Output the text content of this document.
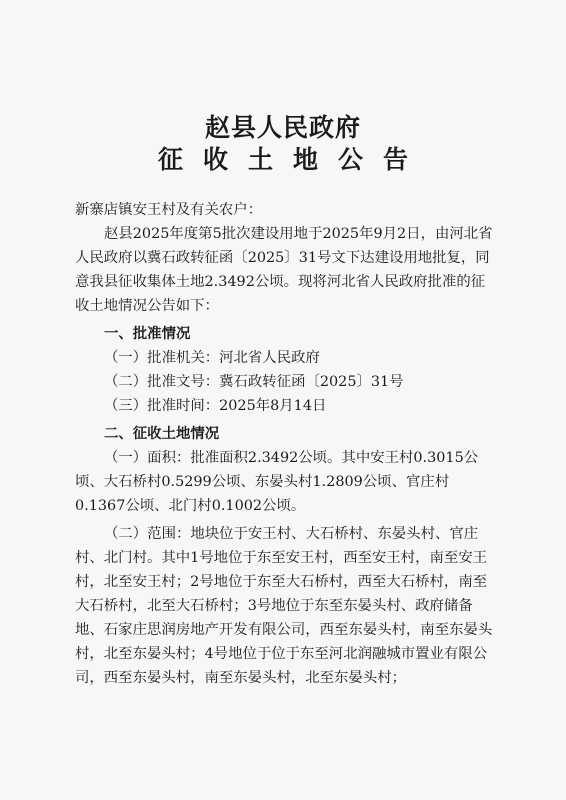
赵县人民政府
征收土地公告

新寨店镇安王村及有关农户：

赵县2025年度第5批次建设用地于2025年9月2日，由河北省人民政府以冀石政转征函〔2025〕31号文下达建设用地批复，同意我县征收集体土地2.3492公顷。现将河北省人民政府批准的征收土地情况公告如下：

一、批准情况

（一）批准机关：河北省人民政府

（二）批准文号：冀石政转征函〔2025〕31号

（三）批准时间：2025年8月14日

二、征收土地情况

（一）面积：批准面积2.3492公顷。其中安王村0.3015公顷、大石桥村0.5299公顷、东晏头村1.2809公顷、官庄村0.1367公顷、北门村0.1002公顷。

（二）范围：地块位于安王村、大石桥村、东晏头村、官庄村、北门村。其中1号地位于东至安王村，西至安王村，南至安王村，北至安王村；2号地位于东至大石桥村，西至大石桥村，南至大石桥村，北至大石桥村；3号地位于东至东晏头村、政府储备地、石家庄思润房地产开发有限公司，西至东晏头村，南至东晏头村，北至东晏头村；4号地位于位于东至河北润融城市置业有限公司，西至东晏头村，南至东晏头村，北至东晏头村；
